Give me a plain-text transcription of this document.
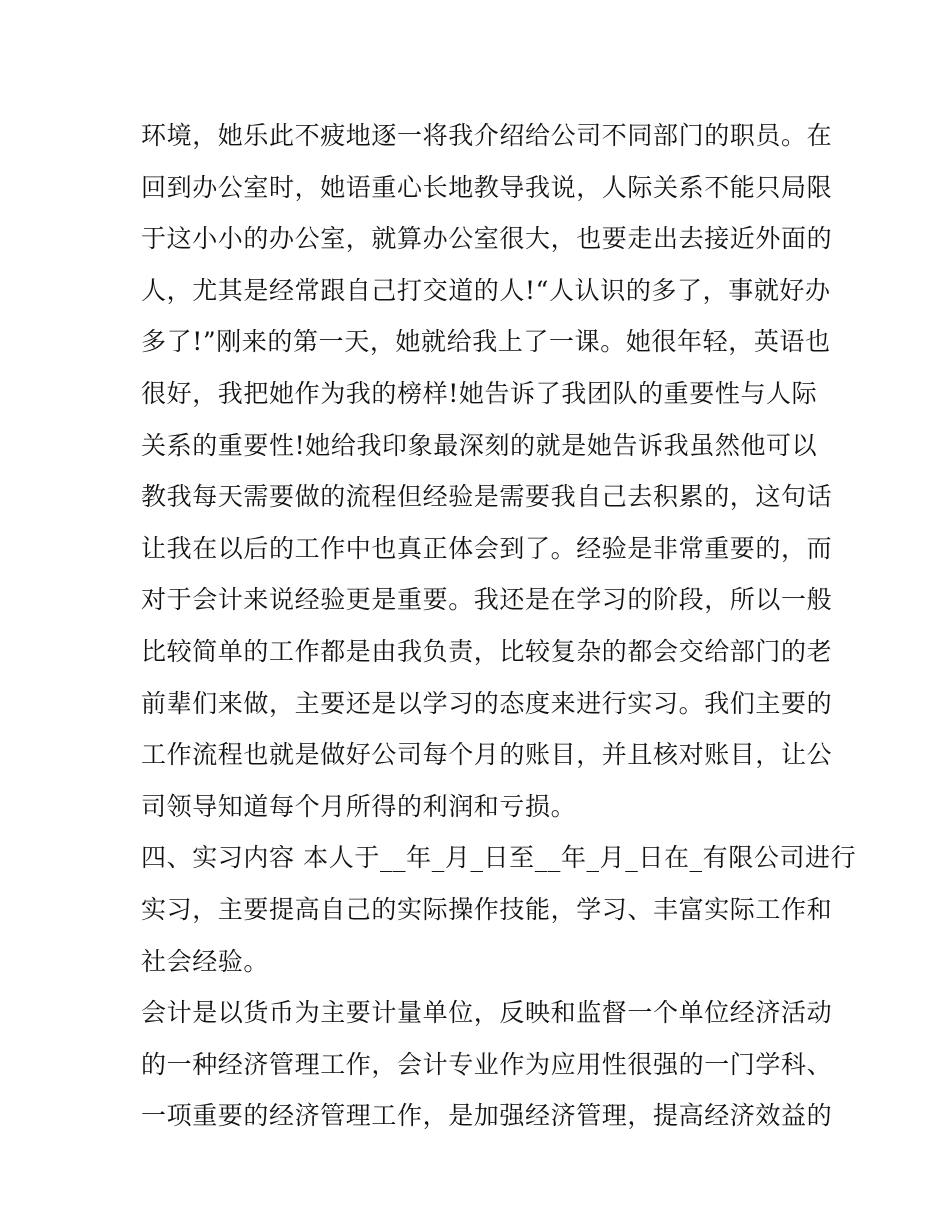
环境，她乐此不疲地逐一将我介绍给公司不同部门的职员。在
回到办公室时，她语重心长地教导我说，人际关系不能只局限
于这小小的办公室，就算办公室很大，也要走出去接近外面的
人，尤其是经常跟自己打交道的人!“人认识的多了，事就好办
多了!”刚来的第一天，她就给我上了一课。她很年轻，英语也
很好，我把她作为我的榜样!她告诉了我团队的重要性与人际
关系的重要性!她给我印象最深刻的就是她告诉我虽然他可以
教我每天需要做的流程但经验是需要我自己去积累的，这句话
让我在以后的工作中也真正体会到了。经验是非常重要的，而
对于会计来说经验更是重要。我还是在学习的阶段，所以一般
比较简单的工作都是由我负责，比较复杂的都会交给部门的老
前辈们来做，主要还是以学习的态度来进行实习。我们主要的
工作流程也就是做好公司每个月的账目，并且核对账目，让公
司领导知道每个月所得的利润和亏损。
四、实习内容 本人于__年_月_日至__年_月_日在_有限公司进行
实习，主要提高自己的实际操作技能，学习、丰富实际工作和
社会经验。
会计是以货币为主要计量单位，反映和监督一个单位经济活动
的一种经济管理工作，会计专业作为应用性很强的一门学科、
一项重要的经济管理工作，是加强经济管理，提高经济效益的
